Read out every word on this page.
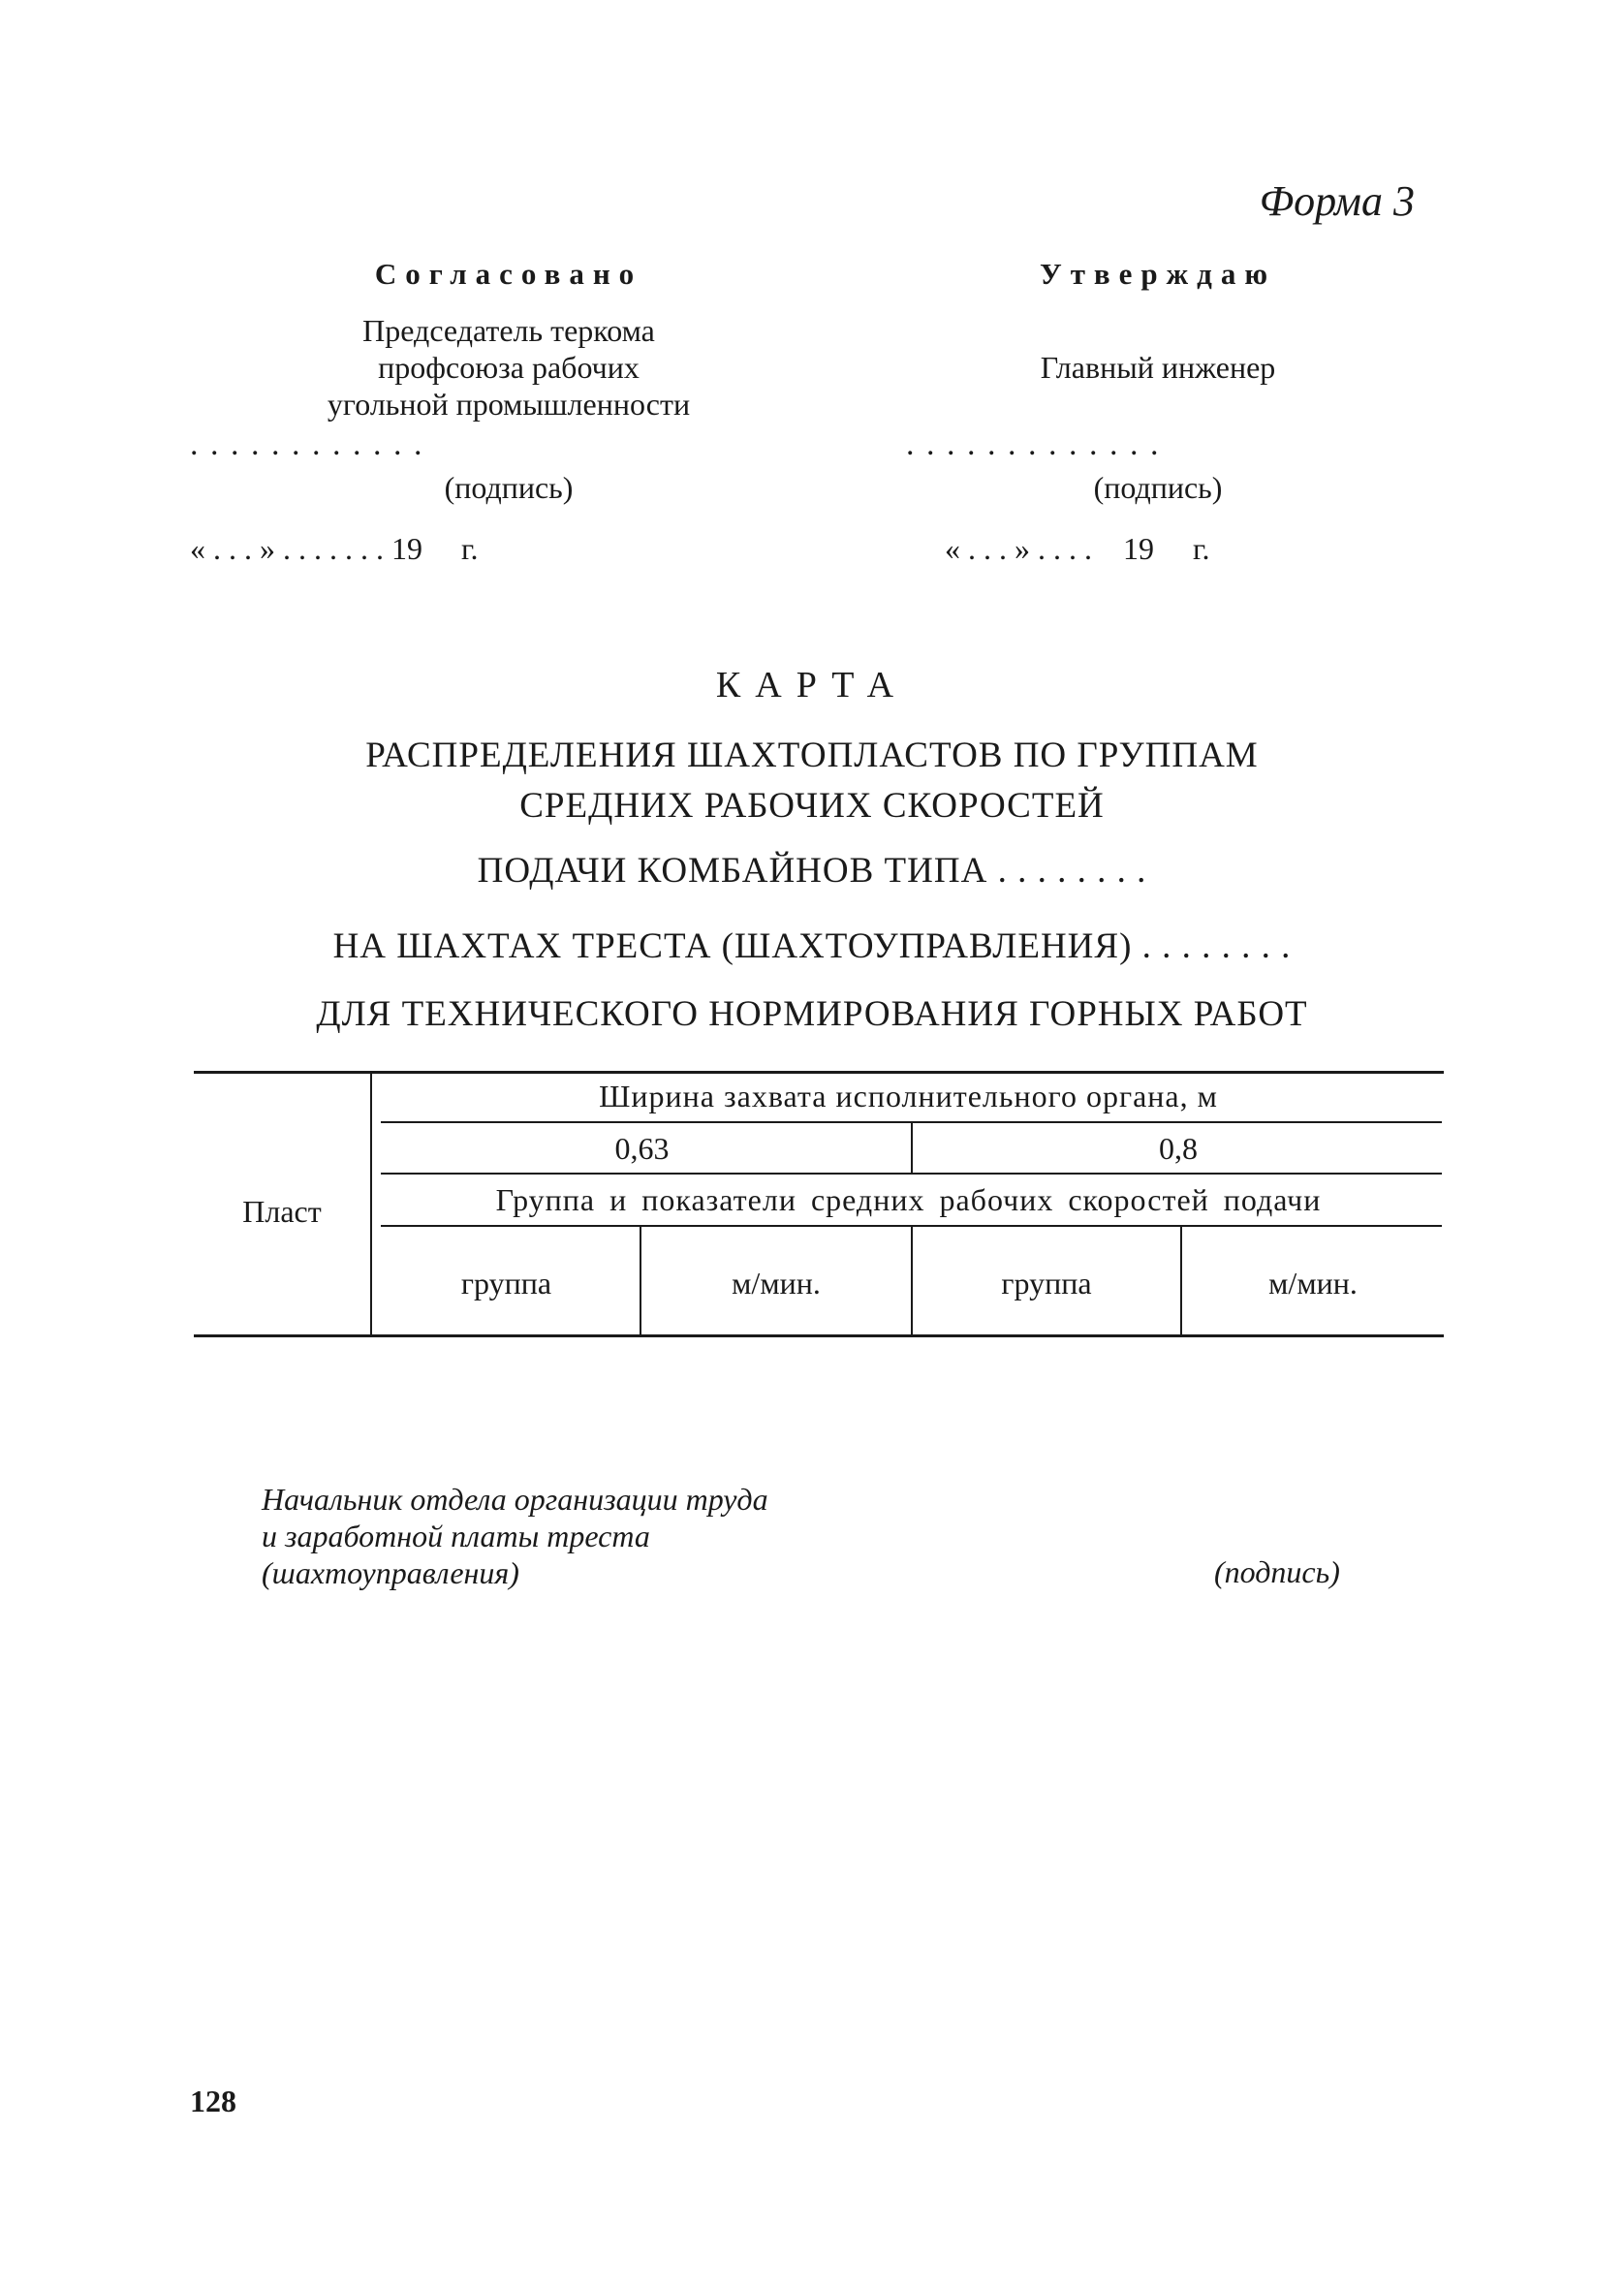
Форма 3
Согласовано
Председатель теркома
профсоюза рабочих
угольной промышленности
. . . . . . . . . . . .
(подпись)
« . . . » . . . . . . . 19     г.
Утверждаю
Главный инженер
. . . . . . . . . . . . .
(подпись)
« . . . » . . . .    19     г.
КАРТА
РАСПРЕДЕЛЕНИЯ ШАХТОПЛАСТОВ ПО ГРУППАМ
СРЕДНИХ РАБОЧИХ СКОРОСТЕЙ
ПОДАЧИ КОМБАЙНОВ ТИПА . . . . . . . .
НА ШАХТАХ ТРЕСТА (ШАХТОУПРАВЛЕНИЯ) . . . . . . . .
ДЛЯ ТЕХНИЧЕСКОГО НОРМИРОВАНИЯ ГОРНЫХ РАБОТ
Пласт
Ширина захвата исполнительного органа, м
0,63	0,8
Группа и показатели средних рабочих скоростей подачи
группа	м/мин.	группа	м/мин.
Начальник отдела организации труда
и заработной платы треста
(шахтоуправления)	(подпись)
128
